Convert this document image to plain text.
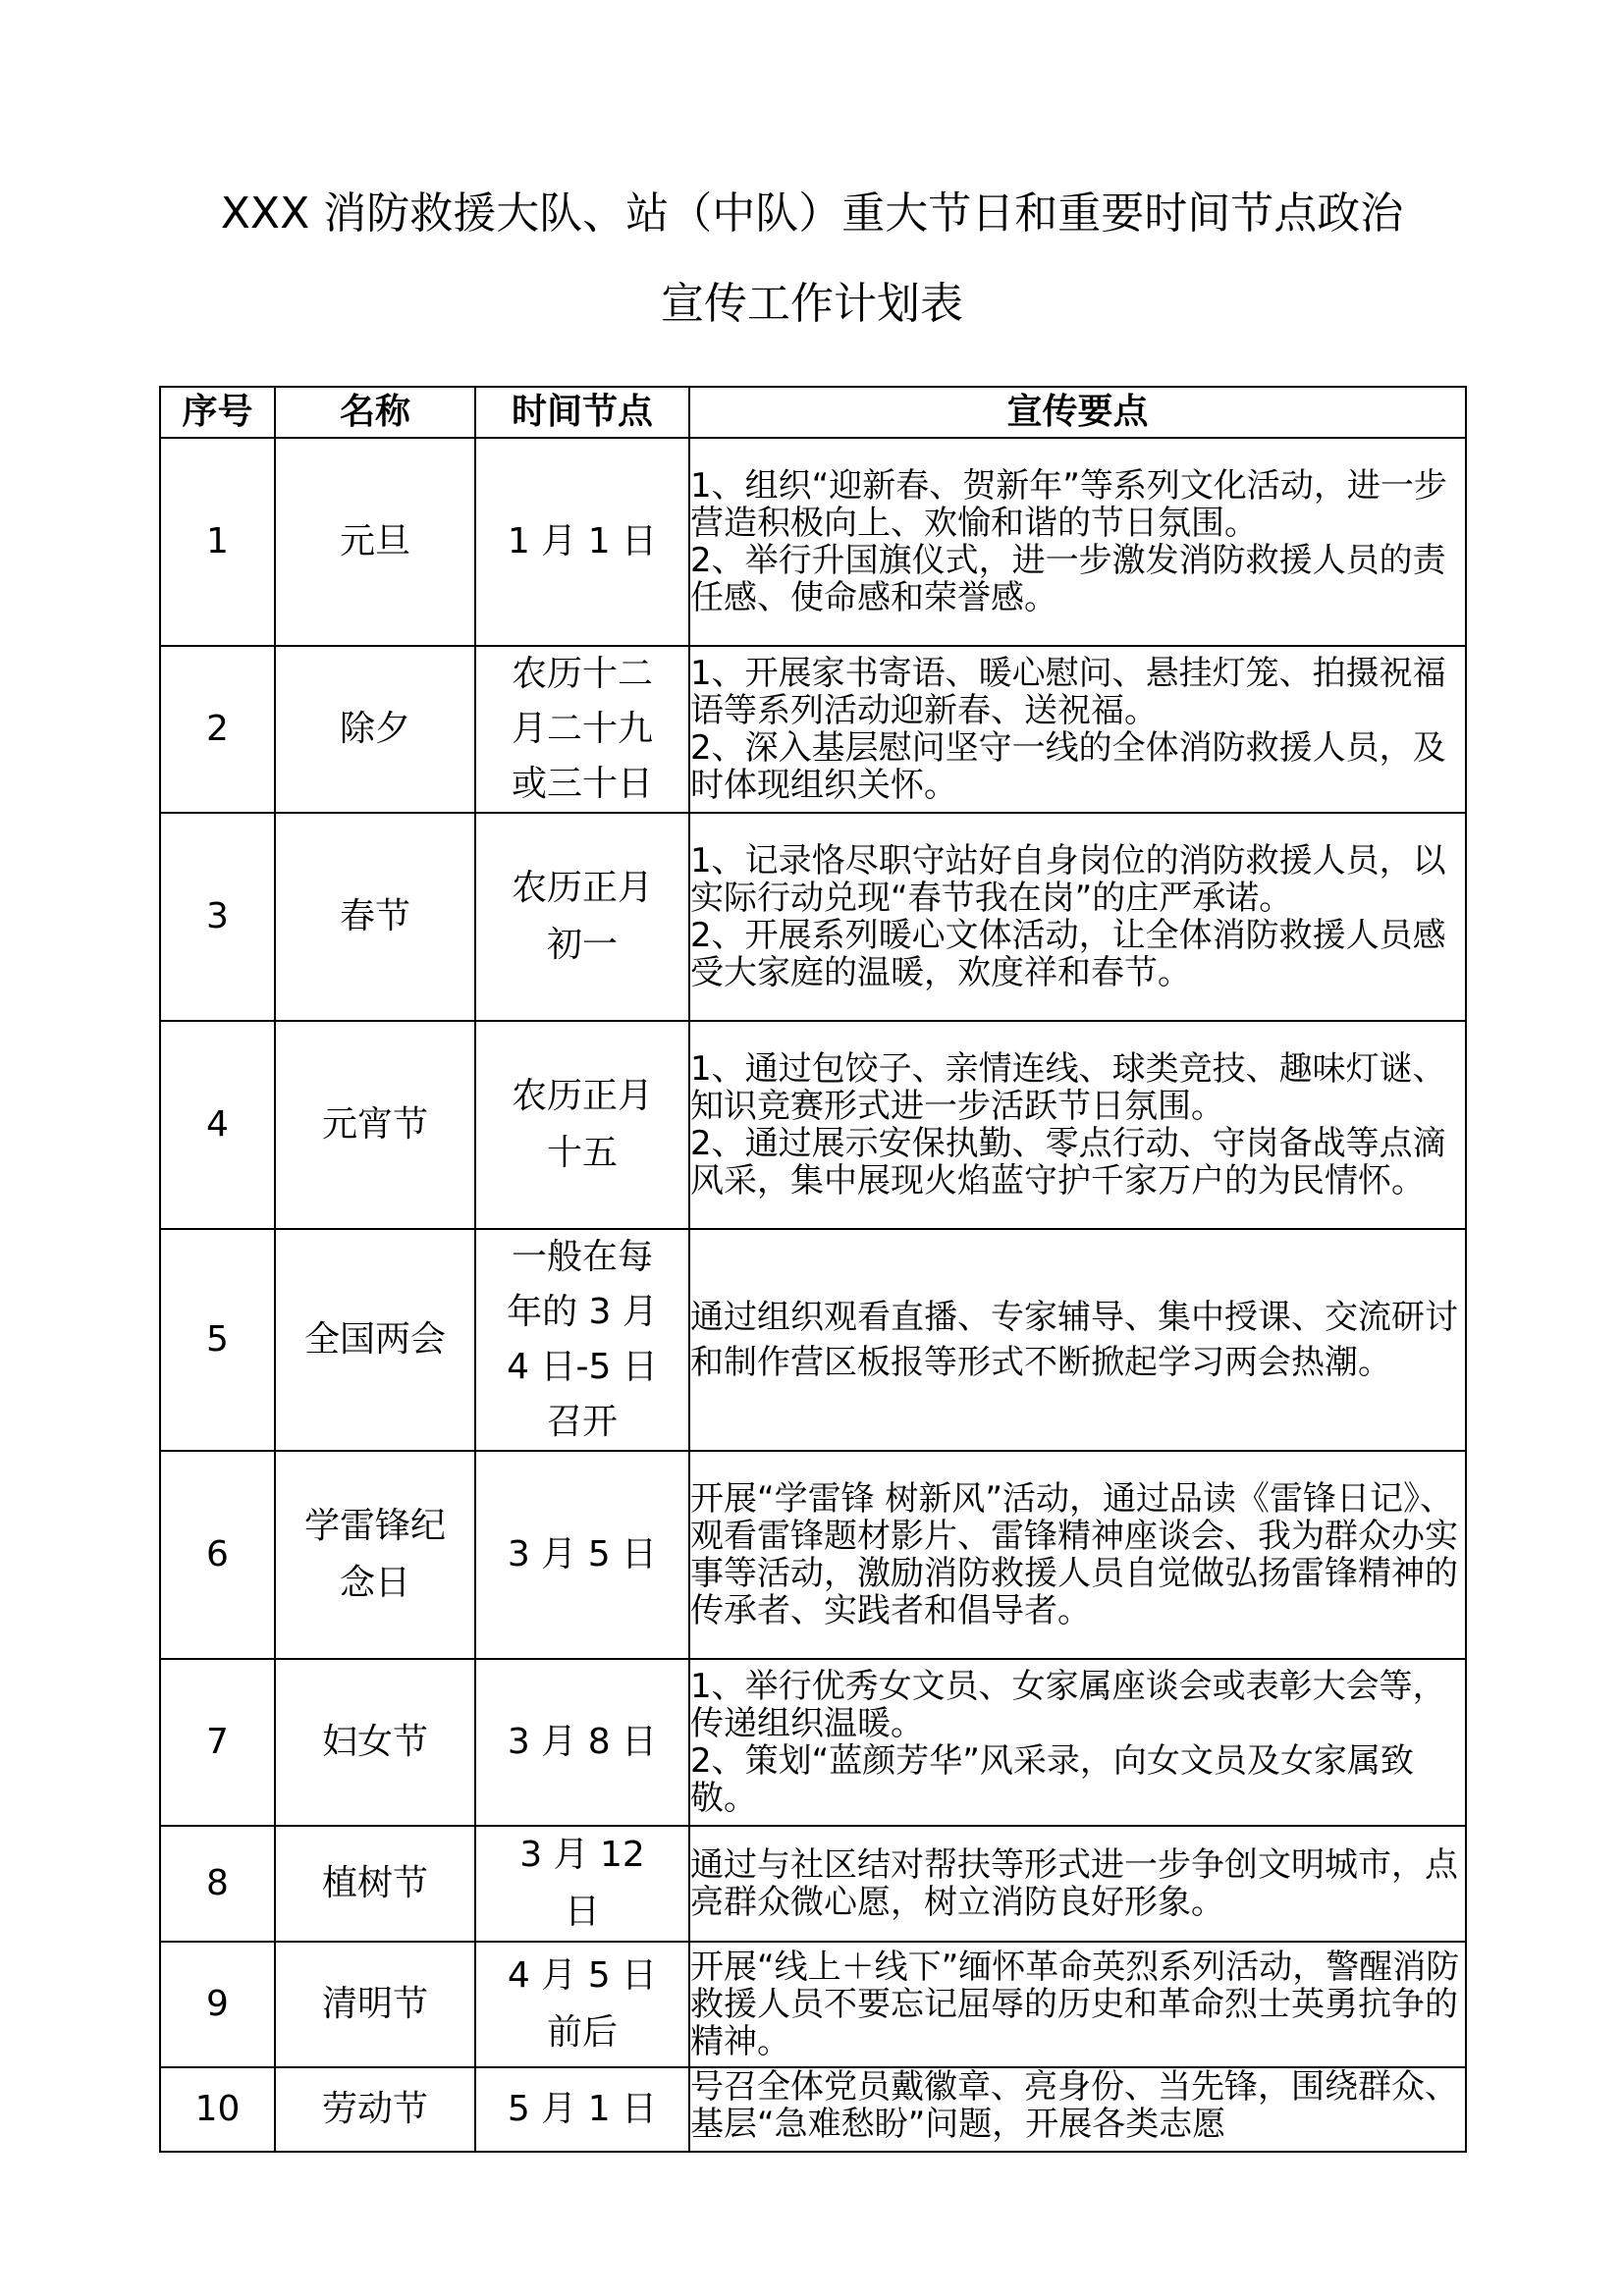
XXX 消防救援大队、站（中队）重大节日和重要时间节点政治
宣传工作计划表
序号	名称	时间节点	宣传要点
1	元旦	1 月 1 日	1、组织“迎新春、贺新年”等系列文化活动，进一步营造积极向上、欢愉和谐的节日氛围。
2、举行升国旗仪式，进一步激发消防救援人员的责任感、使命感和荣誉感。

2	除夕	农历十二月二十九或三十日	1、开展家书寄语、暖心慰问、悬挂灯笼、拍摄祝福语等系列活动迎新春、送祝福。
2、深入基层慰问坚守一线的全体消防救援人员，及时体现组织关怀。

3	春节	农历正月初一	1、记录恪尽职守站好自身岗位的消防救援人员，以实际行动兑现“春节我在岗”的庄严承诺。
2、开展系列暖心文体活动，让全体消防救援人员感受大家庭的温暖，欢度祥和春节。

4	元宵节	农历正月十五	1、通过包饺子、亲情连线、球类竞技、趣味灯谜、知识竞赛形式进一步活跃节日氛围。
2、通过展示安保执勤、零点行动、守岗备战等点滴风采，集中展现火焰蓝守护千家万户的为民情怀。

5	全国两会	一般在每年的 3 月 4 日-5 日召开	通过组织观看直播、专家辅导、集中授课、交流研讨和制作营区板报等形式不断掀起学习两会热潮。

6	学雷锋纪念日	3 月 5 日	开展“学雷锋 树新风”活动，通过品读《雷锋日记》、观看雷锋题材影片、雷锋精神座谈会、我为群众办实事等活动，激励消防救援人员自觉做弘扬雷锋精神的传承者、实践者和倡导者。

7	妇女节	3 月 8 日	1、举行优秀女文员、女家属座谈会或表彰大会等，传递组织温暖。
2、策划“蓝颜芳华”风采录，向女文员及女家属致敬。

8	植树节	3 月 12 日	通过与社区结对帮扶等形式进一步争创文明城市，点亮群众微心愿，树立消防良好形象。

9	清明节	4 月 5 日前后	开展“线上＋线下”缅怀革命英烈系列活动，警醒消防救援人员不要忘记屈辱的历史和革命烈士英勇抗争的精神。

10	劳动节	5 月 1 日	号召全体党员戴徽章、亮身份、当先锋，围绕群众、基层“急难愁盼”问题，开展各类志愿
